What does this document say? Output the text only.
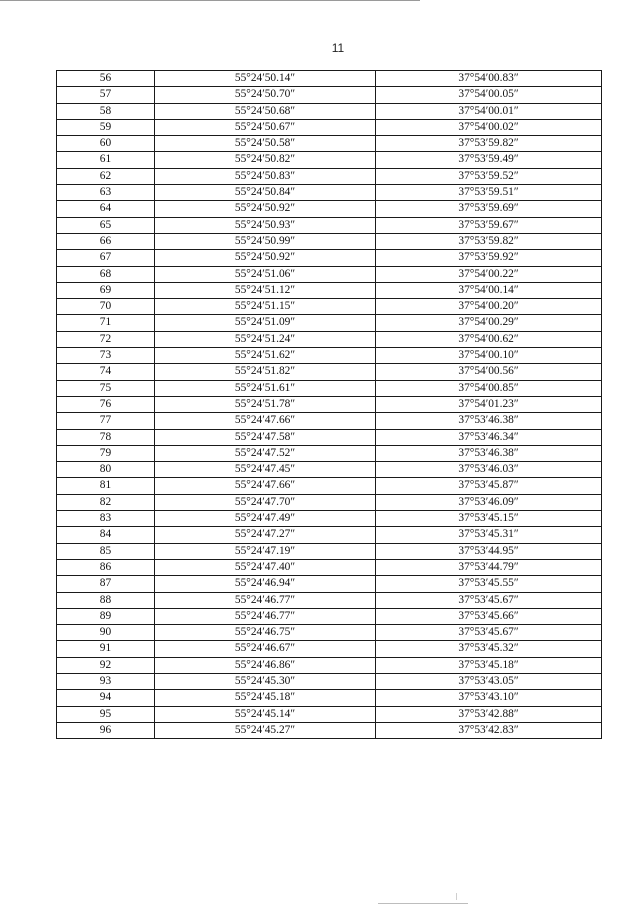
11
56	55°24′50.14″	37°54′00.83″
57	55°24′50.70″	37°54′00.05″
58	55°24′50.68″	37°54′00.01″
59	55°24′50.67″	37°54′00.02″
60	55°24′50.58″	37°53′59.82″
61	55°24′50.82″	37°53′59.49″
62	55°24′50.83″	37°53′59.52″
63	55°24′50.84″	37°53′59.51″
64	55°24′50.92″	37°53′59.69″
65	55°24′50.93″	37°53′59.67″
66	55°24′50.99″	37°53′59.82″
67	55°24′50.92″	37°53′59.92″
68	55°24′51.06″	37°54′00.22″
69	55°24′51.12″	37°54′00.14″
70	55°24′51.15″	37°54′00.20″
71	55°24′51.09″	37°54′00.29″
72	55°24′51.24″	37°54′00.62″
73	55°24′51.62″	37°54′00.10″
74	55°24′51.82″	37°54′00.56″
75	55°24′51.61″	37°54′00.85″
76	55°24′51.78″	37°54′01.23″
77	55°24′47.66″	37°53′46.38″
78	55°24′47.58″	37°53′46.34″
79	55°24′47.52″	37°53′46.38″
80	55°24′47.45″	37°53′46.03″
81	55°24′47.66″	37°53′45.87″
82	55°24′47.70″	37°53′46.09″
83	55°24′47.49″	37°53′45.15″
84	55°24′47.27″	37°53′45.31″
85	55°24′47.19″	37°53′44.95″
86	55°24′47.40″	37°53′44.79″
87	55°24′46.94″	37°53′45.55″
88	55°24′46.77″	37°53′45.67″
89	55°24′46.77″	37°53′45.66″
90	55°24′46.75″	37°53′45.67″
91	55°24′46.67″	37°53′45.32″
92	55°24′46.86″	37°53′45.18″
93	55°24′45.30″	37°53′43.05″
94	55°24′45.18″	37°53′43.10″
95	55°24′45.14″	37°53′42.88″
96	55°24′45.27″	37°53′42.83″
